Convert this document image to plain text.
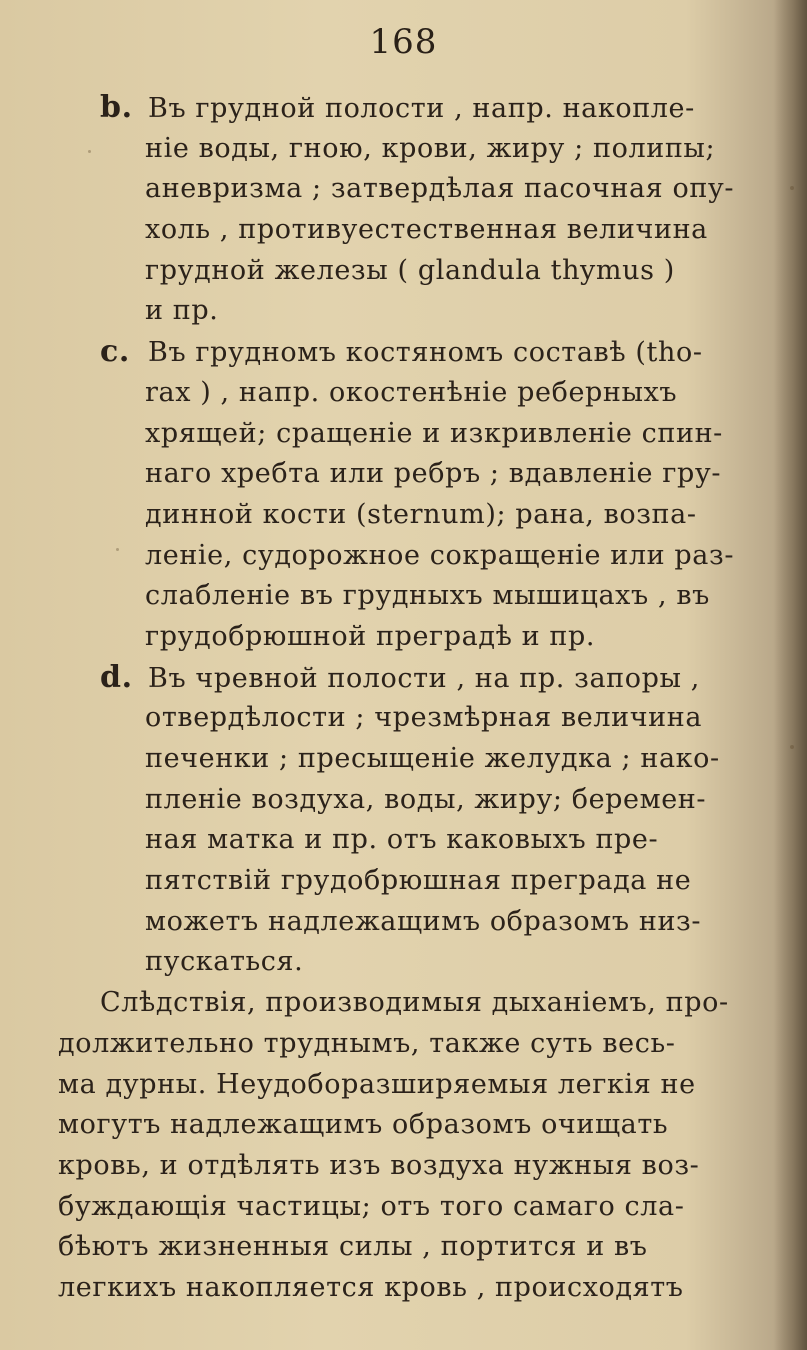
168
b. Въ грудной полости , напр. накопле-
ніе воды, гною, крови, жиру ; полипы;
аневризма ; затвердѣлая пасочная опу-
холь , противуестественная величина
грудной железы ( glandula thymus )
и пр.
c. Въ грудномъ костяномъ составѣ (tho-
rax ) , напр. окостенѣніе реберныхъ
хрящей; сращеніе и изкривленіе спин-
наго хребта или ребръ ; вдавленіе гру-
динной кости (sternum); рана, возпа-
леніе, судорожное сокращеніе или раз-
слабленіе въ грудныхъ мышицахъ , въ
грудобрюшной преградѣ и пр.
d. Въ чревной полости , на пр. запоры ,
отвердѣлости ; чрезмѣрная величина
печенки ; пресыщеніе желудка ; нако-
пленіе воздуха, воды, жиру; беремен-
ная матка и пр. отъ каковыхъ пре-
пятствій грудобрюшная преграда не
можетъ надлежащимъ образомъ низ-
пускаться.
Слѣдствія, производимыя дыханіемъ, про-
должительно труднымъ, также суть весь-
ма дурны. Неудоборазширяемыя легкія не
могутъ надлежащимъ образомъ очищать
кровь, и отдѣлять изъ воздуха нужныя воз-
буждающія частицы; отъ того самаго сла-
бѣютъ жизненныя силы , портится и въ
легкихъ накопляется кровь , происходятъ
